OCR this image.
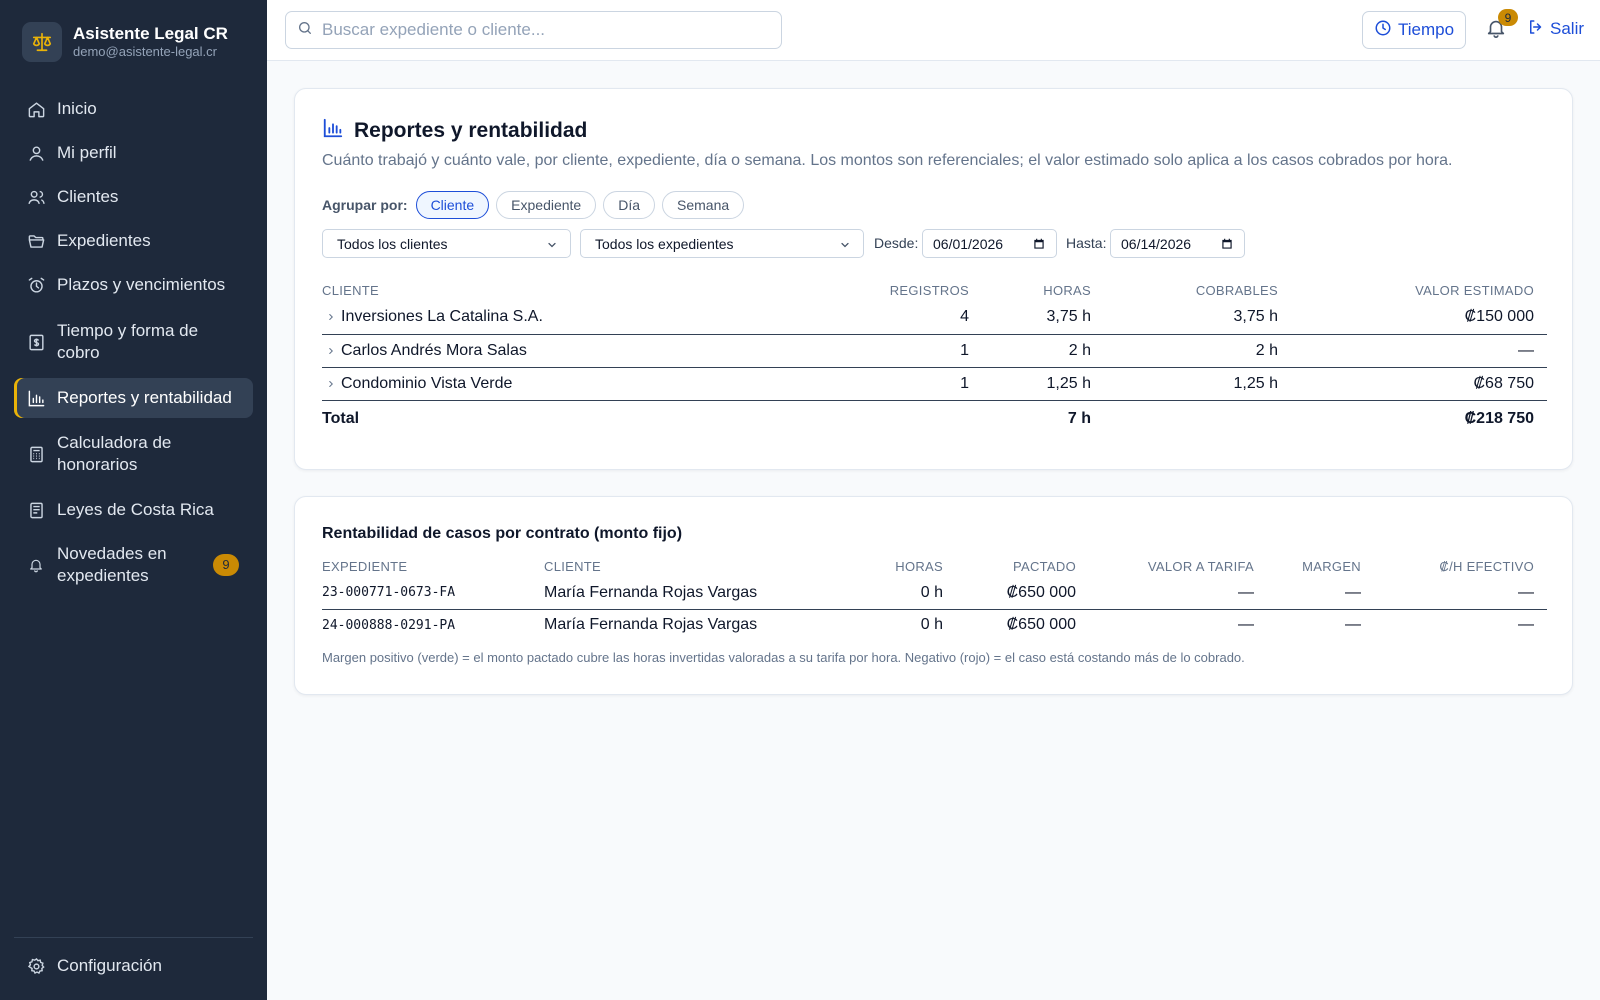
Asistente Legal CR
demo@asistente-legal.cr
Inicio
Mi perfil
Clientes
Expedientes
Plazos y vencimientos
Tiempo y forma de cobro
Reportes y rentabilidad
Calculadora de honorarios
Leyes de Costa Rica
Novedades en expedientes
9
Configuración
Buscar expediente o cliente...
Tiempo
9
Salir
Reportes y rentabilidad

Cuánto trabajó y cuánto vale, por cliente, expediente, día o semana. Los montos son referenciales; el valor estimado solo aplica a los casos cobrados por hora.

Agrupar por:	Cliente	Expediente	Día	Semana
Todos los clientes	Todos los expedientes	Desde: 06/01/2026	Hasta: 06/14/2026
CLIENTE	REGISTROS	HORAS	COBRABLES	VALOR ESTIMADO

Inversiones La Catalina S.A.	4	3,75 h	3,75 h	₡150 000

Carlos Andrés Mora Salas	1	2 h	2 h	—

Condominio Vista Verde	1	1,25 h	1,25 h	₡68 750
Total		7 h		₡218 750
Rentabilidad de casos por contrato (monto fijo)
EXPEDIENTE	CLIENTE	HORAS	PACTADO	VALOR A TARIFA	MARGEN	₡/H EFECTIVO
23-000771-0673-FA	María Fernanda Rojas Vargas	0 h	₡650 000	—	—	—
24-000888-0291-PA	María Fernanda Rojas Vargas	0 h	₡650 000	—	—	—

Margen positivo (verde) = el monto pactado cubre las horas invertidas valoradas a su tarifa por hora. Negativo (rojo) = el caso está costando más de lo cobrado.
